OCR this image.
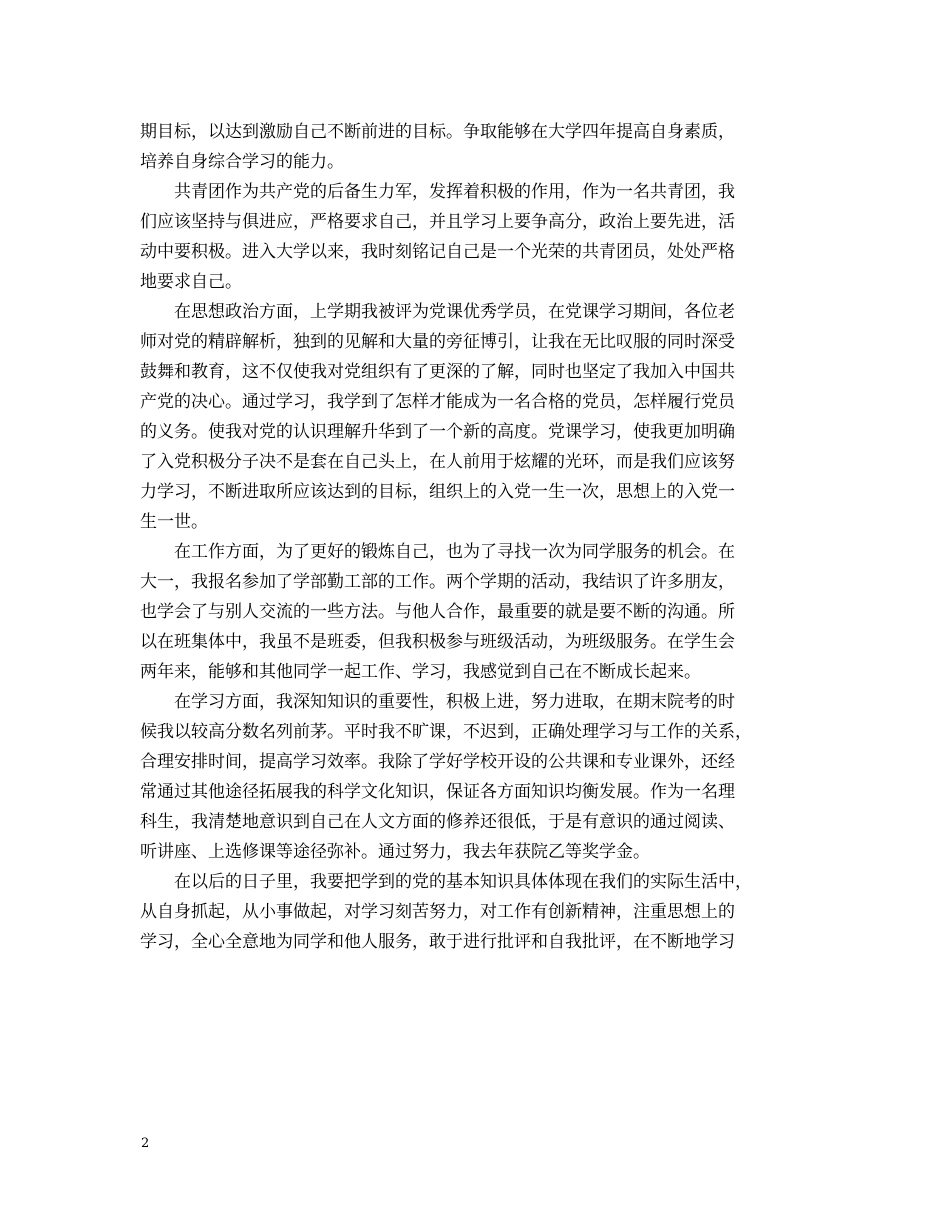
期目标，以达到激励自己不断前进的目标。争取能够在大学四年提高自身素质，
培养自身综合学习的能力。
　　共青团作为共产党的后备生力军，发挥着积极的作用，作为一名共青团，我
们应该坚持与俱进应，严格要求自己，并且学习上要争高分，政治上要先进，活
动中要积极。进入大学以来，我时刻铭记自己是一个光荣的共青团员，处处严格
地要求自己。
　　在思想政治方面，上学期我被评为党课优秀学员，在党课学习期间，各位老
师对党的精辟解析，独到的见解和大量的旁征博引，让我在无比叹服的同时深受
鼓舞和教育，这不仅使我对党组织有了更深的了解，同时也坚定了我加入中国共
产党的决心。通过学习，我学到了怎样才能成为一名合格的党员，怎样履行党员
的义务。使我对党的认识理解升华到了一个新的高度。党课学习，使我更加明确
了入党积极分子决不是套在自己头上，在人前用于炫耀的光环，而是我们应该努
力学习，不断进取所应该达到的目标，组织上的入党一生一次，思想上的入党一
生一世。
　　在工作方面，为了更好的锻炼自己，也为了寻找一次为同学服务的机会。在
大一，我报名参加了学部勤工部的工作。两个学期的活动，我结识了许多朋友，
也学会了与别人交流的一些方法。与他人合作，最重要的就是要不断的沟通。所
以在班集体中，我虽不是班委，但我积极参与班级活动，为班级服务。在学生会
两年来，能够和其他同学一起工作、学习，我感觉到自己在不断成长起来。
　　在学习方面，我深知知识的重要性，积极上进，努力进取，在期末院考的时
候我以较高分数名列前茅。平时我不旷课，不迟到，正确处理学习与工作的关系，
合理安排时间，提高学习效率。我除了学好学校开设的公共课和专业课外，还经
常通过其他途径拓展我的科学文化知识，保证各方面知识均衡发展。作为一名理
科生，我清楚地意识到自己在人文方面的修养还很低，于是有意识的通过阅读、
听讲座、上选修课等途径弥补。通过努力，我去年获院乙等奖学金。
　　在以后的日子里，我要把学到的党的基本知识具体体现在我们的实际生活中，
从自身抓起，从小事做起，对学习刻苦努力，对工作有创新精神，注重思想上的
学习，全心全意地为同学和他人服务，敢于进行批评和自我批评，在不断地学习
2
